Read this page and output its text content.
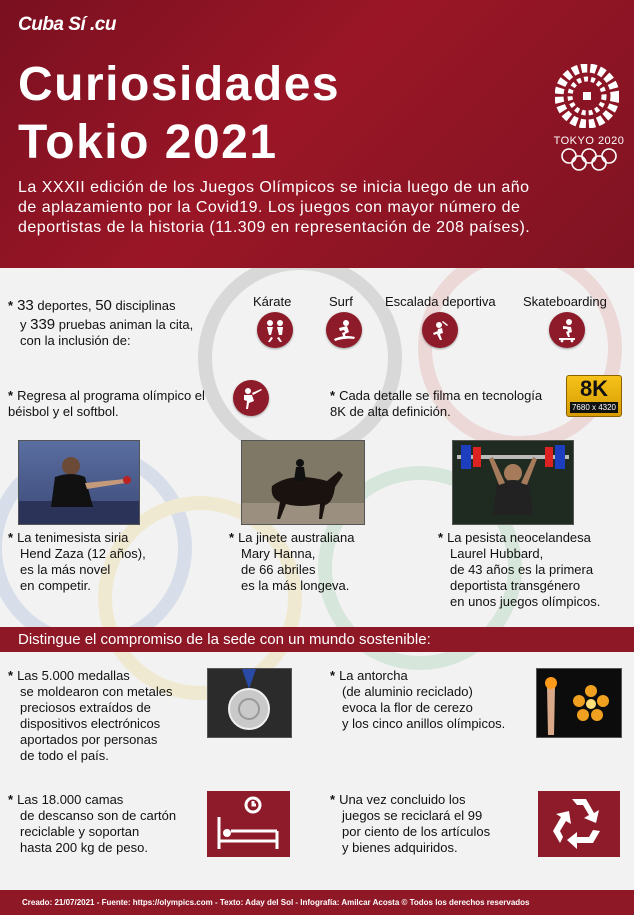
Cuba Sí .cu
Curiosidades
Tokio 2021
La XXXII edición de los Juegos Olímpicos se inicia luego de un año de aplazamiento por la Covid19. Los juegos con mayor número de deportistas de la historia (11.309 en representación de 208 países).
TOKYO 2020
* 33 deportes, 50 disciplinas
y 339 pruebas animan la cita,
con la inclusión de:
Kárate	Surf Escalada deportiva Skateboarding
* Regresa al programa olímpico el béisbol y el softbol.
* Cada detalle se filma en tecnología 8K de alta definición.
8K
7680 x 4320
* La tenimesista siria
Hend Zaza (12 años),
es la más novel
en competir.
* La jinete australiana
Mary Hanna,
de 66 abriles
es la más longeva.
* La pesista neocelandesa
Laurel Hubbard,
de 43 años es la primera
deportista transgénero
en unos juegos olímpicos.
Distingue el compromiso de la sede con un mundo sostenible:
* Las 5.000 medallas
se moldearon con metales
preciosos extraídos de
dispositivos electrónicos
aportados por personas
de todo el país.
* La antorcha
(de aluminio reciclado)
evoca la flor de cerezo
y los cinco anillos olímpicos.
* Las 18.000 camas
de descanso son de cartón
reciclable y soportan
hasta 200 kg de peso.
* Una vez concluido los
juegos se reciclará el 99
por ciento de los artículos
y bienes adquiridos.
Creado: 21/07/2021 - Fuente: https://olympics.com - Texto: Aday del Sol - Infografía: Amilcar Acosta © Todos los derechos reservados
